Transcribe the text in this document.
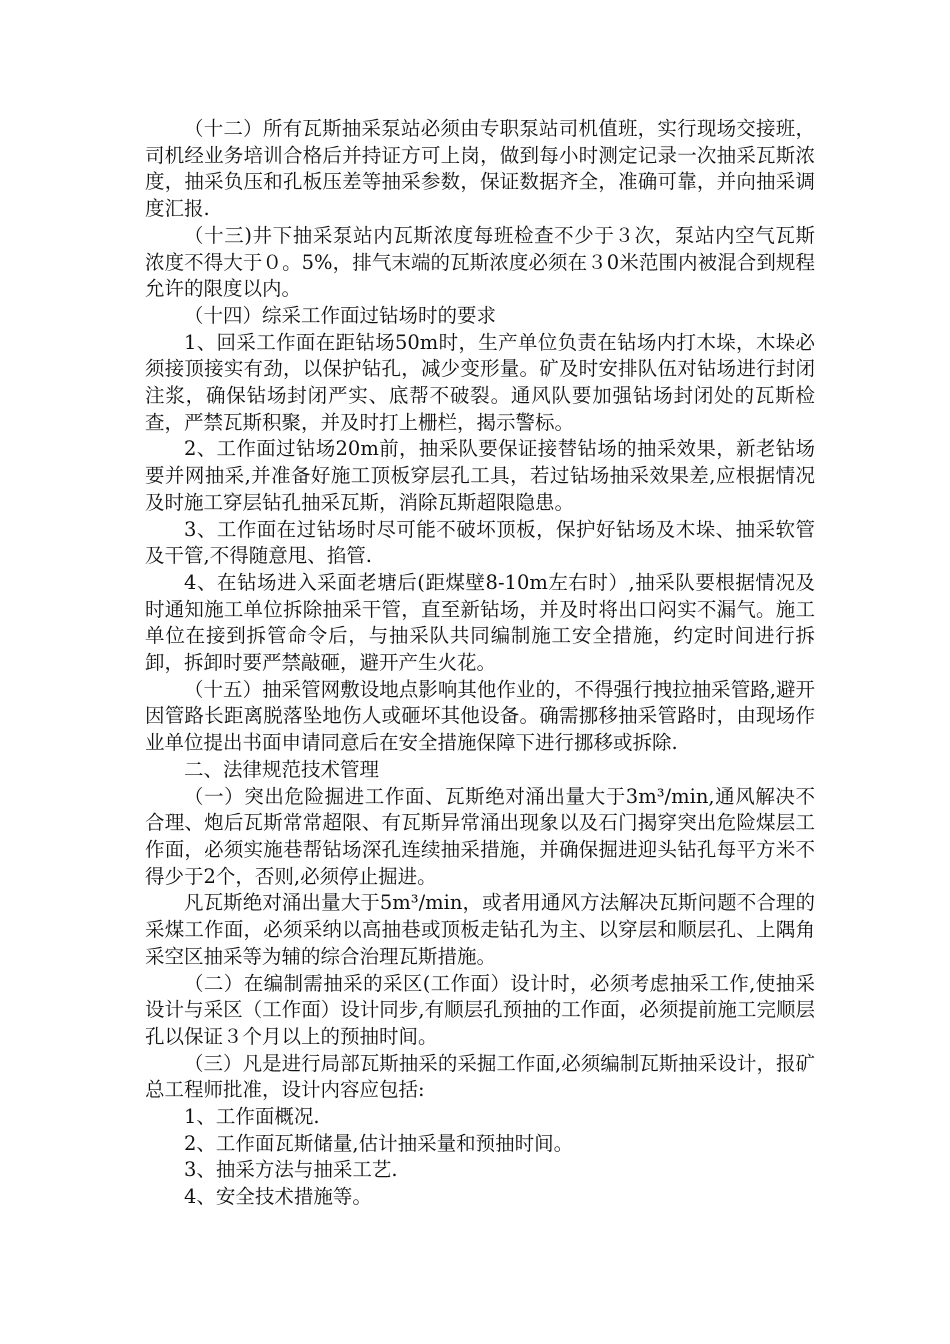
（十二）所有瓦斯抽采泵站必须由专职泵站司机值班，实行现场交接班，司机经业务培训合格后并持证方可上岗，做到每小时测定记录一次抽采瓦斯浓度，抽采负压和孔板压差等抽采参数，保证数据齐全，准确可靠，并向抽采调度汇报.

（十三)井下抽采泵站内瓦斯浓度每班检查不少于３次，泵站内空气瓦斯浓度不得大于０。5%，排气末端的瓦斯浓度必须在３0米范围内被混合到规程允许的限度以内。

（十四）综采工作面过钻场时的要求

1、回采工作面在距钻场50m时，生产单位负责在钻场内打木垛，木垛必须接顶接实有劲，以保护钻孔，减少变形量。矿及时安排队伍对钻场进行封闭注浆，确保钻场封闭严实、底帮不破裂。通风队要加强钻场封闭处的瓦斯检查，严禁瓦斯积聚，并及时打上栅栏，揭示警标。

2、工作面过钻场20m前，抽采队要保证接替钻场的抽采效果，新老钻场要并网抽采,并准备好施工顶板穿层孔工具，若过钻场抽采效果差,应根据情况及时施工穿层钻孔抽采瓦斯，消除瓦斯超限隐患。

3、工作面在过钻场时尽可能不破坏顶板，保护好钻场及木垛、抽采软管及干管,不得随意甩、掐管.

4、在钻场进入采面老塘后(距煤壁8-10m左右时）,抽采队要根据情况及时通知施工单位拆除抽采干管，直至新钻场，并及时将出口闷实不漏气。施工单位在接到拆管命令后，与抽采队共同编制施工安全措施，约定时间进行拆卸，拆卸时要严禁敲砸，避开产生火花。

（十五）抽采管网敷设地点影响其他作业的，不得强行拽拉抽采管路,避开因管路长距离脱落坠地伤人或砸坏其他设备。确需挪移抽采管路时，由现场作业单位提出书面申请同意后在安全措施保障下进行挪移或拆除.

二、法律规范技术管理

（一）突出危险掘进工作面、瓦斯绝对涌出量大于3m³/min,通风解决不合理、炮后瓦斯常常超限、有瓦斯异常涌出现象以及石门揭穿突出危险煤层工作面，必须实施巷帮钻场深孔连续抽采措施，并确保掘进迎头钻孔每平方米不得少于2个，否则,必须停止掘进。

凡瓦斯绝对涌出量大于5m³/min，或者用通风方法解决瓦斯问题不合理的采煤工作面，必须采纳以高抽巷或顶板走钻孔为主、以穿层和顺层孔、上隅角采空区抽采等为辅的综合治理瓦斯措施。

（二）在编制需抽采的采区(工作面）设计时，必须考虑抽采工作,使抽采设计与采区（工作面）设计同步,有顺层孔预抽的工作面，必须提前施工完顺层孔以保证３个月以上的预抽时间。

（三）凡是进行局部瓦斯抽采的采掘工作面,必须编制瓦斯抽采设计，报矿总工程师批准，设计内容应包括:

1、工作面概况.

2、工作面瓦斯储量,估计抽采量和预抽时间。

3、抽采方法与抽采工艺.

4、安全技术措施等。
